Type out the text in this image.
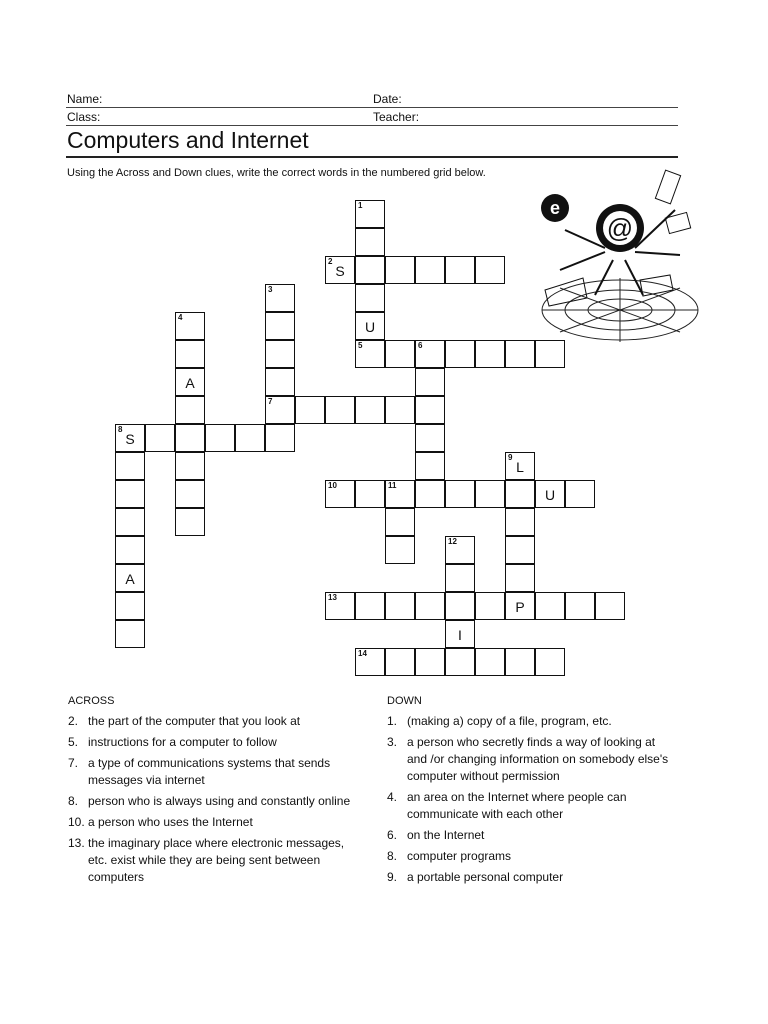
Name:	Date:
Class:	Teacher:
Computers and Internet
Using the Across and Down clues, write the correct words in the numbered grid below.
1
U
2
S
3
4
A
5	6
7
8
S
A
9
L
10	11
U
P
12
I
13
14
@
e
ACROSS
2. the part of the computer that you look at
5. instructions for a computer to follow
7. a type of communications systems that sends messages via internet
8. person who is always using and constantly online
10. a person who uses the Internet
13. the imaginary place where electronic messages, etc. exist while they are being sent between computers
DOWN
1. (making a) copy of a file, program, etc.
3. a person who secretly finds a way of looking at and /or changing information on somebody else's computer without permission
4. an area on the Internet where people can communicate with each other
6. on the Internet
8. computer programs
9. a portable personal computer
